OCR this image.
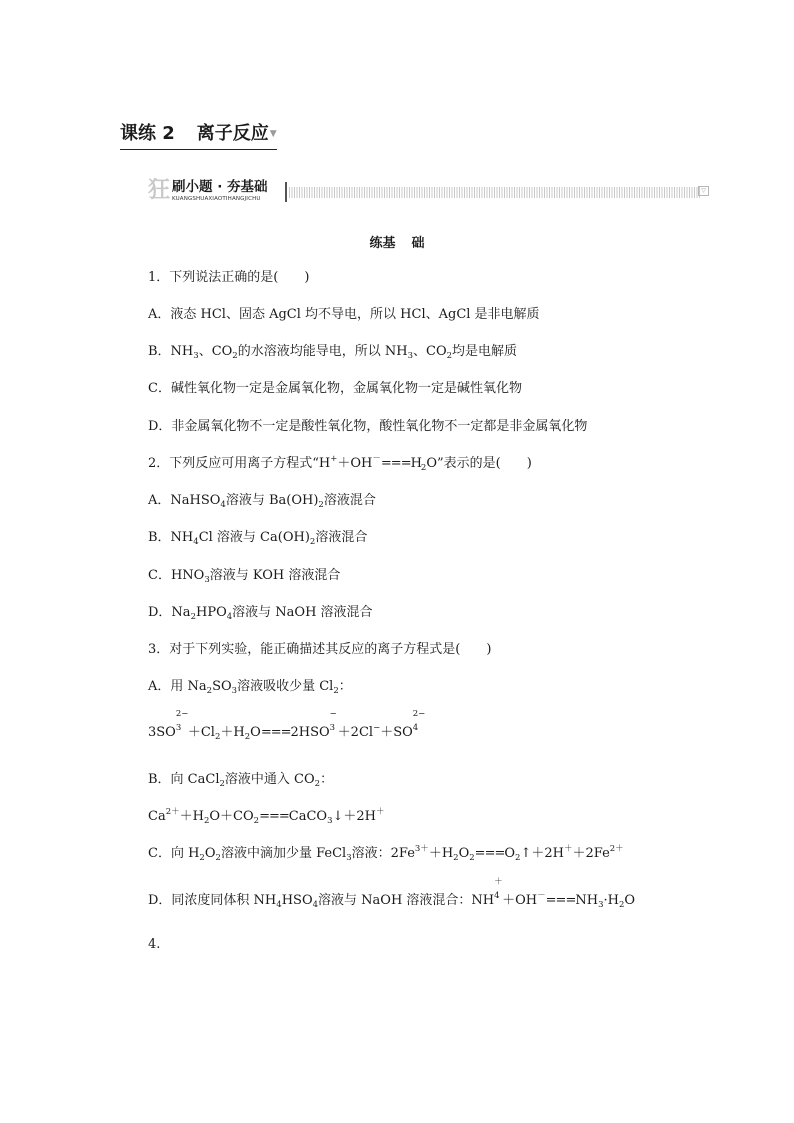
课练 2 离子反应▼
狂 刷小题 · 夯基础
KUANGSHUAXIAOTIHANGJICHU
▽
练基 础
1．下列说法正确的是(　　)
A．液态 HCl、固态 AgCl 均不导电，所以 HCl、AgCl 是非电解质
B．$NH_3$、$CO_2$的水溶液均能导电，所以 $NH_3$、$CO_2$均是电解质
C．碱性氧化物一定是金属氧化物，金属氧化物一定是碱性氧化物
D．非金属氧化物不一定是酸性氧化物，酸性氧化物不一定都是非金属氧化物
2．下列反应可用离子方程式“$H^++OH^-===H_2O$”表示的是(　　)
A．NaHSO$_4$溶液与 $Ba(OH)_2$溶液混合
B．$NH_4Cl$ 溶液与 $Ca(OH)_2$溶液混合
C．$HNO_3$溶液与 KOH 溶液混合
D．$Na_2HPO_4$溶液与 NaOH 溶液混合
3．对于下列实验，能正确描述其反应的离子方程式是(　　)
A．用 $Na_2SO_3$溶液吸收少量 $Cl_2$：
3SO
2−
$3 +Cl_2+H_2O===2HSO$
−
3 ＋2Cl−＋SO
2−
4
B．向 CaCl$_2$溶液中通入 $CO_2$：
$Ca^{2+}+H_2O+CO_2===CaCO_3↓+2H^+$
C．向 $H_2O_2$溶液中滴加少量 FeCl$_3$溶液：$2Fe^{3+}+H_2O_2===O_2↑+2H^++2Fe^{2+}$
D．同浓度同体积 $NH_4HSO_4$溶液与 NaOH 溶液混合：NH
＋
$4 +OH^-===NH_3\cdot H_2O$
4.
